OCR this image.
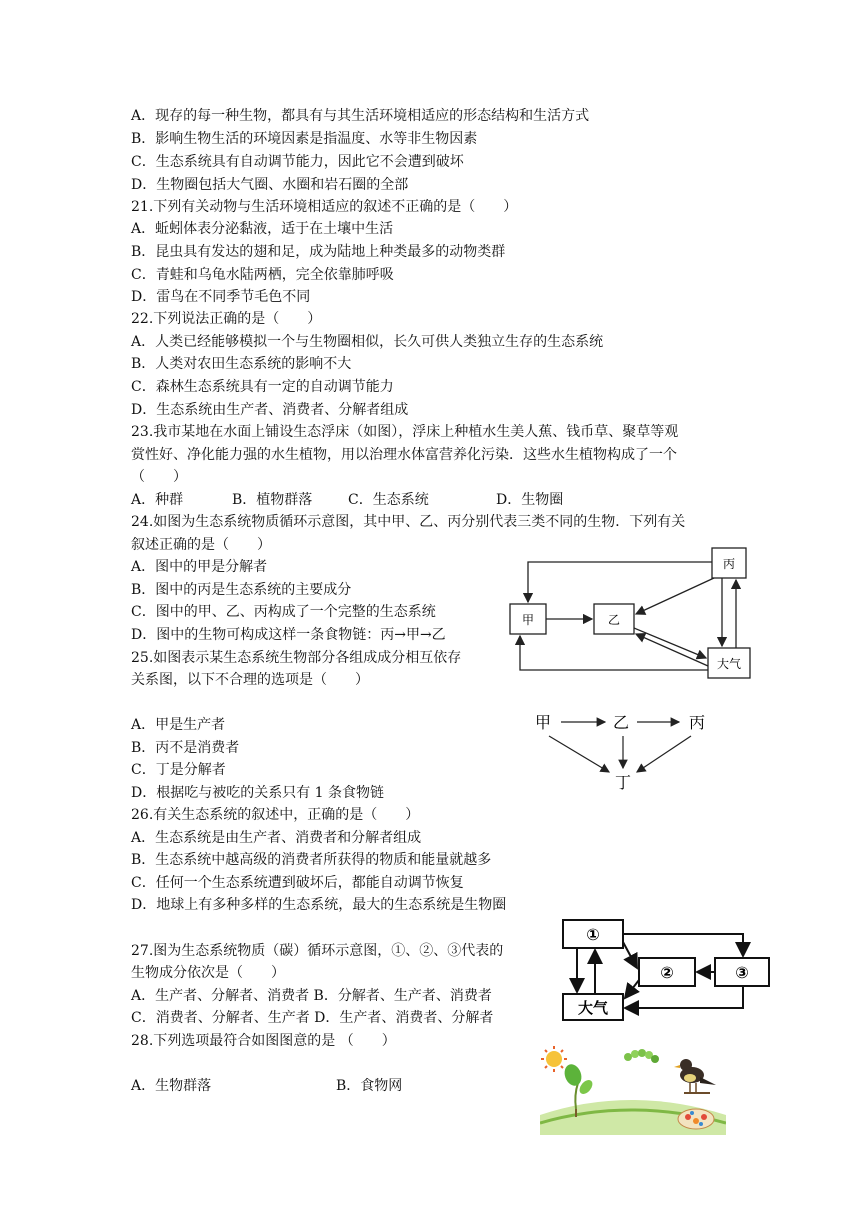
A．现存的每一种生物，都具有与其生活环境相适应的形态结构和生活方式
B．影响生物生活的环境因素是指温度、水等非生物因素
C．生态系统具有自动调节能力，因此它不会遭到破坏
D．生物圈包括大气圈、水圈和岩石圈的全部
21.下列有关动物与生活环境相适应的叙述不正确的是（　　）
A．蚯蚓体表分泌黏液，适于在土壤中生活
B．昆虫具有发达的翅和足，成为陆地上种类最多的动物类群
C．青蛙和乌龟水陆两栖，完全依靠肺呼吸
D．雷鸟在不同季节毛色不同
22.下列说法正确的是（　　）
A．人类已经能够模拟一个与生物圈相似，长久可供人类独立生存的生态系统
B．人类对农田生态系统的影响不大
C．森林生态系统具有一定的自动调节能力
D．生态系统由生产者、消费者、分解者组成
23.我市某地在水面上铺设生态浮床（如图），浮床上种植水生美人蕉、钱币草、聚草等观
赏性好、净化能力强的水生植物，用以治理水体富营养化污染．这些水生植物构成了一个
（　　）
A．种群	B．植物群落	C．生态系统	D．生物圈
24.如图为生态系统物质循环示意图，其中甲、乙、丙分别代表三类不同的生物．下列有关
叙述正确的是（　　）
A．图中的甲是分解者
B．图中的丙是生态系统的主要成分
C．图中的甲、乙、丙构成了一个完整的生态系统
D．图中的生物可构成这样一条食物链：丙→甲→乙
丙
甲	乙
大气
25.如图表示某生态系统生物部分各组成成分相互依存
关系图，以下不合理的选项是（　　）
A．甲是生产者
B．丙不是消费者
C．丁是分解者
D．根据吃与被吃的关系只有 1 条食物链
甲	乙	丙
丁
26.有关生态系统的叙述中，正确的是（　　）
A．生态系统是由生产者、消费者和分解者组成
B．生态系统中越高级的消费者所获得的物质和能量就越多
C．任何一个生态系统遭到破坏后，都能自动调节恢复
D．地球上有多种多样的生态系统，最大的生态系统是生物圈
27.图为生态系统物质（碳）循环示意图，①、②、③代表的
生物成分依次是（　　）
A．生产者、分解者、消费者 B．分解者、生产者、消费者
C．消费者、分解者、生产者 D．生产者、消费者、分解者
①
②	③
大气
28.下列选项最符合如图图意的是 （　　）
A．生物群落	B．食物网
